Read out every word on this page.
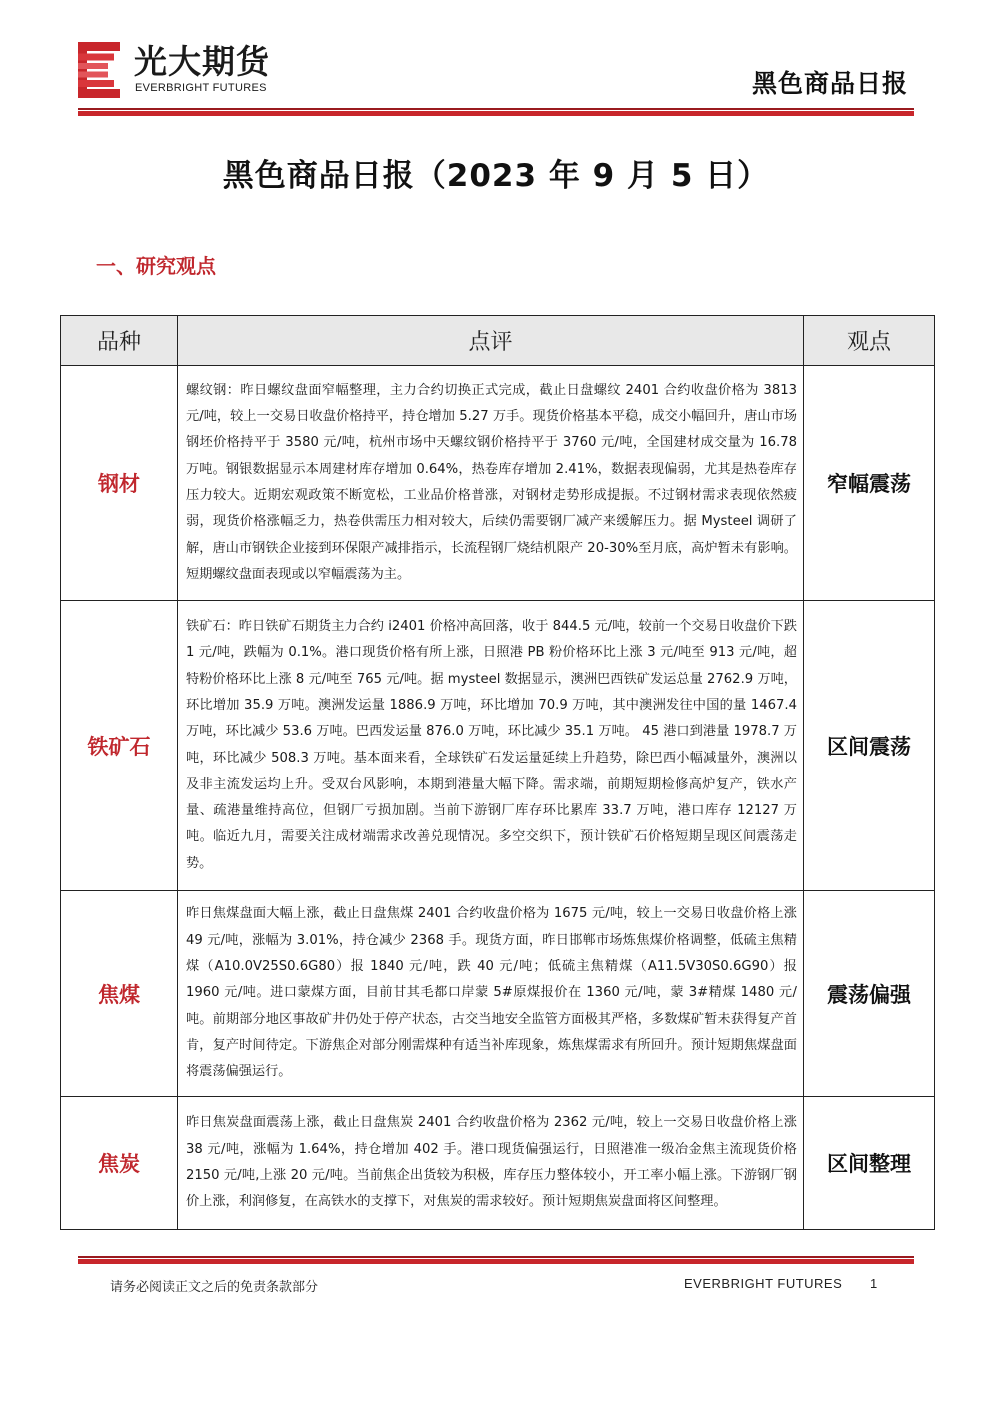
光大期货
EVERBRIGHT FUTURES	黑色商品日报
黑色商品日报（2023 年 9 月 5 日）
一、研究观点
品种	点评	观点
钢材	螺纹钢：昨日螺纹盘面窄幅整理，主力合约切换正式完成，截止日盘螺纹 2401 合约收盘价格为 3813 元/吨，较上一交易日收盘价格持平，持仓增加 5.27 万手。现货价格基本平稳，成交小幅回升，唐山市场钢坯价格持平于 3580 元/吨，杭州市场中天螺纹钢价格持平于 3760 元/吨，全国建材成交量为 16.78 万吨。钢银数据显示本周建材库存增加 0.64%，热卷库存增加 2.41%，数据表现偏弱，尤其是热卷库存压力较大。近期宏观政策不断宽松，工业品价格普涨，对钢材走势形成提振。不过钢材需求表现依然疲弱，现货价格涨幅乏力，热卷供需压力相对较大，后续仍需要钢厂减产来缓解压力。据 Mysteel 调研了解，唐山市钢铁企业接到环保限产减排指示，长流程钢厂烧结机限产 20-30%至月底，高炉暂未有影响。短期螺纹盘面表现或以窄幅震荡为主。	窄幅震荡
铁矿石	铁矿石：昨日铁矿石期货主力合约 i2401 价格冲高回落，收于 844.5 元/吨，较前一个交易日收盘价下跌 1 元/吨，跌幅为 0.1%。港口现货价格有所上涨，日照港 PB 粉价格环比上涨 3 元/吨至 913 元/吨，超特粉价格环比上涨 8 元/吨至 765 元/吨。据 mysteel 数据显示，澳洲巴西铁矿发运总量 2762.9 万吨，环比增加 35.9 万吨。澳洲发运量 1886.9 万吨，环比增加 70.9 万吨，其中澳洲发往中国的量 1467.4 万吨，环比减少 53.6 万吨。巴西发运量 876.0 万吨，环比减少 35.1 万吨。 45 港口到港量 1978.7 万吨，环比减少 508.3 万吨。基本面来看，全球铁矿石发运量延续上升趋势，除巴西小幅减量外，澳洲以及非主流发运均上升。受双台风影响，本期到港量大幅下降。需求端，前期短期检修高炉复产，铁水产量、疏港量维持高位，但钢厂亏损加剧。当前下游钢厂库存环比累库 33.7 万吨，港口库存 12127 万吨。临近九月，需要关注成材端需求改善兑现情况。多空交织下，预计铁矿石价格短期呈现区间震荡走势。	区间震荡
焦煤	昨日焦煤盘面大幅上涨，截止日盘焦煤 2401 合约收盘价格为 1675 元/吨，较上一交易日收盘价格上涨 49 元/吨，涨幅为 3.01%，持仓减少 2368 手。现货方面，昨日邯郸市场炼焦煤价格调整，低硫主焦精煤（A10.0V25S0.6G80）报 1840 元/吨，跌 40 元/吨；低硫主焦精煤（A11.5V30S0.6G90）报 1960 元/吨。进口蒙煤方面，目前甘其毛都口岸蒙 5#原煤报价在 1360 元/吨，蒙 3#精煤 1480 元/吨。前期部分地区事故矿井仍处于停产状态，古交当地安全监管方面极其严格，多数煤矿暂未获得复产首肯，复产时间待定。下游焦企对部分刚需煤种有适当补库现象，炼焦煤需求有所回升。预计短期焦煤盘面将震荡偏强运行。	震荡偏强
焦炭	昨日焦炭盘面震荡上涨，截止日盘焦炭 2401 合约收盘价格为 2362 元/吨，较上一交易日收盘价格上涨 38 元/吨，涨幅为 1.64%，持仓增加 402 手。港口现货偏强运行，日照港准一级冶金焦主流现货价格 2150 元/吨,上涨 20 元/吨。当前焦企出货较为积极，库存压力整体较小，开工率小幅上涨。下游钢厂钢价上涨，利润修复，在高铁水的支撑下，对焦炭的需求较好。预计短期焦炭盘面将区间整理。	区间整理
请务必阅读正文之后的免责条款部分	EVERBRIGHT FUTURES 1
